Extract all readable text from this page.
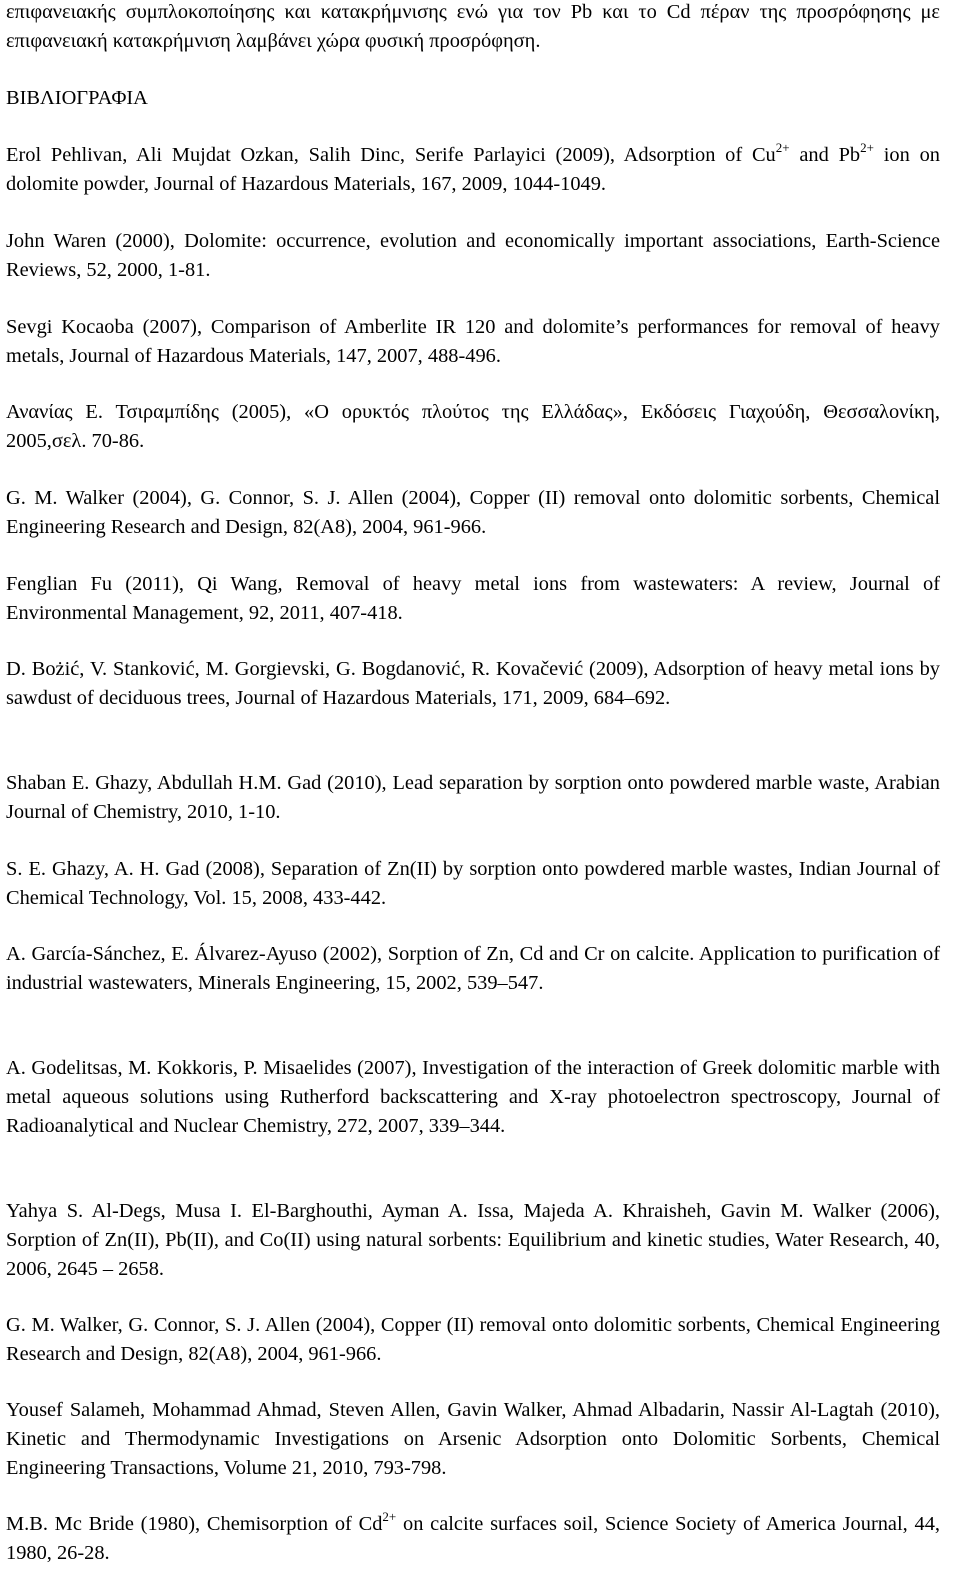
επιφανειακής συμπλοκοποίησης και κατακρήμνισης ενώ για τον Pb και το Cd πέραν της προσρόφησης με επιφανειακή κατακρήμνιση λαμβάνει χώρα φυσική προσρόφηση.

ΒΙΒΛΙΟΓΡΑΦΙΑ

Erol Pehlivan, Ali Mujdat Ozkan, Salih Dinc, Serife Parlayici (2009), Adsorption of $Cu^{2+}$ and $Pb^{2+}$ ion on dolomite powder, Journal of Hazardous Materials, 167, 2009, 1044-1049.

John Waren (2000), Dolomite: occurrence, evolution and economically important associations, Earth-Science Reviews, 52, 2000, 1-81.

Sevgi Kocaoba (2007), Comparison of Amberlite IR 120 and dolomite’s performances for removal of heavy metals, Journal of Hazardous Materials, 147, 2007, 488-496.

Ανανίας Ε. Τσιραμπίδης (2005), «Ο ορυκτός πλούτος της Ελλάδας», Εκδόσεις Γιαχούδη, Θεσσαλονίκη, 2005,σελ. 70-86.

G. M. Walker (2004), G. Connor, S. J. Allen (2004), Copper (II) removal onto dolomitic sorbents, Chemical Engineering Research and Design, 82(A8), 2004, 961-966.

Fenglian Fu (2011), Qi Wang, Removal of heavy metal ions from wastewaters: A review, Journal of Environmental Management, 92, 2011, 407-418.

D. Bożić, V. Stanković, M. Gorgievski, G. Bogdanović, R. Kovačević (2009), Adsorption of heavy metal ions by sawdust of deciduous trees, Journal of Hazardous Materials, 171, 2009, 684–692.

Shaban E. Ghazy, Abdullah H.M. Gad (2010), Lead separation by sorption onto powdered marble waste, Arabian Journal of Chemistry, 2010, 1-10.

S. E. Ghazy, A. H. Gad (2008), Separation of Zn(II) by sorption onto powdered marble wastes, Indian Journal of Chemical Technology, Vol. 15, 2008, 433-442.

A. García-Sánchez, E. Álvarez-Ayuso (2002), Sorption of Zn, Cd and Cr on calcite. Application to purification of industrial wastewaters, Minerals Engineering, 15, 2002, 539–547.

A. Godelitsas, M. Kokkoris, P. Misaelides (2007), Investigation of the interaction of Greek dolomitic marble with metal aqueous solutions using Rutherford backscattering and X-ray photoelectron spectroscopy, Journal of Radioanalytical and Nuclear Chemistry, 272, 2007, 339–344.

Yahya S. Al-Degs, Musa I. El-Barghouthi, Ayman A. Issa, Majeda A. Khraisheh, Gavin M. Walker (2006), Sorption of Zn(II), Pb(II), and Co(II) using natural sorbents: Equilibrium and kinetic studies, Water Research, 40, 2006, 2645 – 2658.

G. M. Walker, G. Connor, S. J. Allen (2004), Copper (II) removal onto dolomitic sorbents, Chemical Engineering Research and Design, 82(A8), 2004, 961-966.

Yousef Salameh, Mohammad Ahmad, Steven Allen, Gavin Walker, Ahmad Albadarin, Nassir Al-Lagtah (2010), Kinetic and Thermodynamic Investigations on Arsenic Adsorption onto Dolomitic Sorbents, Chemical Engineering Transactions, Volume 21, 2010, 793-798.

M.B. Mc Bride (1980), Chemisorption of $Cd^{2+}$ on calcite surfaces soil, Science Society of America Journal, 44, 1980, 26-28.
